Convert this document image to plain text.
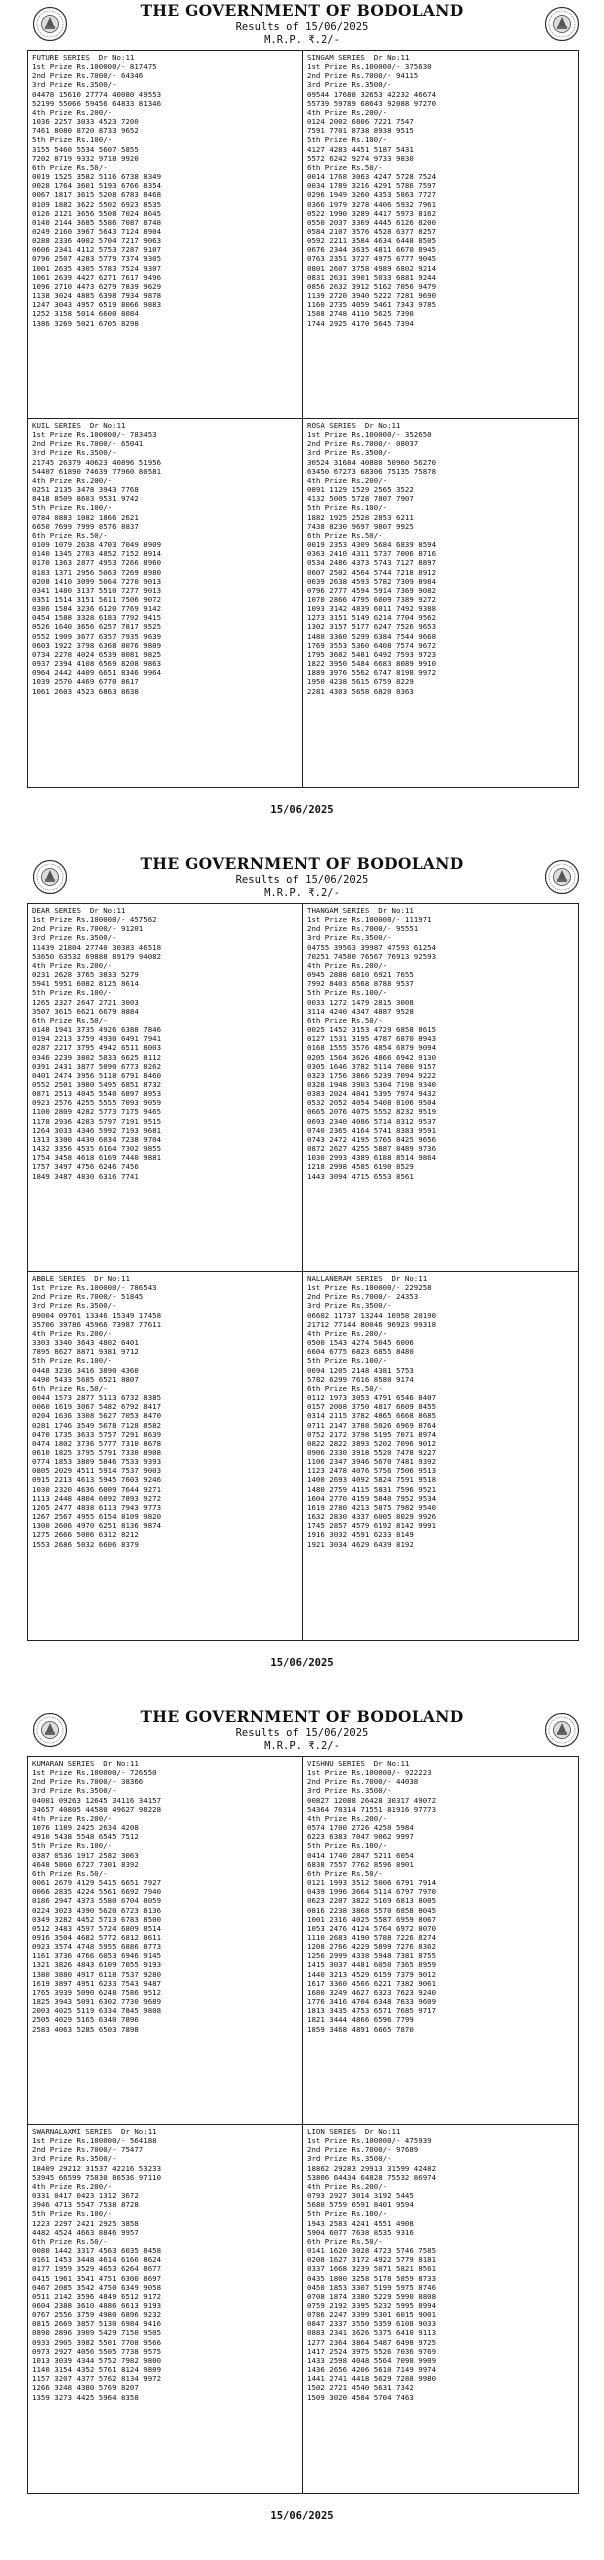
THE GOVERNMENT OF BODOLAND
Results of 15/06/2025
M.R.P. ₹.2/-
FUTURE SERIES  Dr No:11
1st Prize Rs.100000/- 817475
2nd Prize Rs.7000/- 64346
3rd Prize Rs.3500/-
04478 15610 27774 40080 49553
52199 55066 59456 64833 81346
4th Prize Rs.200/-
1036 2257 3033 4523 7200
7461 8080 8720 8733 9652
5th Prize Rs.100/-
3155 5460 5534 5607 5855
7202 8719 9332 9718 9920
6th Prize Rs.50/-
0019 1525 3582 5116 6738 8349
0028 1764 3601 5193 6766 8354
0067 1817 3615 5208 6783 8468
0109 1882 3622 5502 6923 8535
0126 2121 3656 5508 7024 8645
0140 2144 3685 5586 7087 8748
0249 2160 3967 5643 7124 8904
0288 2336 4002 5704 7217 9063
0606 2341 4112 5753 7287 9107
0796 2507 4283 5779 7374 9305
1001 2635 4305 5783 7524 9307
1061 2639 4427 6271 7617 9496
1096 2710 4473 6279 7839 9629
1138 3024 4885 6398 7934 9878
1247 3043 4957 6519 8066 9883
1252 3158 5014 6600 8084
1386 3269 5021 6705 8298
SINGAM SERIES  Dr No:11
1st Prize Rs.100000/- 375630
2nd Prize Rs.7000/- 94115
3rd Prize Rs.3500/-
09544 17688 32653 42232 46674
55739 59789 68643 92088 97270
4th Prize Rs.200/-
0124 2002 6806 7221 7547
7591 7701 8738 8938 9515
5th Prize Rs.100/-
4127 4283 4451 5187 5431
5572 6242 9274 9733 9830
6th Prize Rs.50/-
0014 1768 3063 4247 5728 7524
0034 1789 3216 4291 5786 7597
0296 1949 3260 4353 5863 7727
0366 1979 3278 4406 5932 7961
0522 1990 3289 4417 5973 8162
0550 2037 3369 4445 6126 8200
0584 2107 3576 4528 6377 8257
0592 2211 3584 4634 6448 8505
0676 2344 3635 4811 6670 8945
0763 2351 3727 4975 6777 9045
0801 2607 3758 4989 6802 9214
0831 2631 3901 5033 6881 9244
0856 2632 3912 5162 7056 9479
1139 2720 3940 5222 7281 9690
1160 2735 4059 5461 7343 9785
1588 2748 4110 5625 7390
1744 2925 4170 5645 7394
KUIL SERIES  Dr No:11
1st Prize Rs.100000/- 783453
2nd Prize Rs.7000/- 65041
3rd Prize Rs.3500/-
21745 26379 40623 40896 51956
54407 61890 74639 77960 80581
4th Prize Rs.200/-
0251 2135 3478 3943 7768
8418 8509 8603 9531 9742
5th Prize Rs.100/-
0784 0883 1082 1866 2621
6650 7699 7999 8576 8837
6th Prize Rs.50/-
0109 1079 2638 4703 7049 8909
0140 1345 2783 4852 7152 8914
0170 1363 2877 4953 7266 8960
0183 1371 2956 5063 7269 8980
0208 1410 3099 5064 7270 9013
0341 1480 3137 5510 7277 9013
0351 1514 3151 5611 7506 9072
0386 1584 3236 6120 7769 9142
0454 1588 3328 6183 7792 9415
0526 1640 3656 6257 7817 9525
0552 1909 3677 6357 7935 9639
0603 1922 3798 6368 8076 9809
0734 2278 4024 6539 8081 9825
0937 2394 4108 6569 8208 9863
0964 2442 4409 6651 8346 9964
1039 2570 4469 6770 8617
1061 2603 4523 6863 8638
ROSA SERIES  Dr No:11
1st Prize Rs.100000/- 352650
2nd Prize Rs.7000/- 08037
3rd Prize Rs.3500/-
30524 31684 40880 50960 56270
63450 67273 68306 75135 75878
4th Prize Rs.200/-
0891 1129 1529 2565 3522
4132 5005 5728 7807 7907
5th Prize Rs.100/-
1882 1925 2528 2853 6211
7438 8230 9697 9807 9925
6th Prize Rs.50/-
0019 2353 4309 5684 6839 8594
0363 2410 4311 5737 7006 8716
0534 2486 4373 5743 7127 8897
0607 2502 4564 5744 7218 8912
0639 2638 4593 5782 7309 8984
0796 2777 4594 5914 7369 9082
1070 2866 4795 6009 7389 9272
1093 3142 4839 6011 7492 9388
1273 3151 5149 6214 7704 9562
1302 3157 5177 6247 7526 9653
1480 3360 5299 6384 7544 9668
1769 3553 5360 6408 7574 9672
1795 3682 5481 6492 7593 9723
1822 3950 5484 6683 8089 9910
1889 3976 5562 6747 8198 9972
1950 4238 5615 6759 8229
2281 4303 5658 6820 8363
15/06/2025
THE GOVERNMENT OF BODOLAND
Results of 15/06/2025
M.R.P. ₹.2/-
DEAR SERIES  Dr No:11
1st Prize Rs.100000/- 457562
2nd Prize Rs.7000/- 91201
3rd Prize Rs.3500/-
11439 21804 27740 30383 46518
53650 63532 69888 89179 94082
4th Prize Rs.200/-
0231 2628 3765 3833 5279
5941 5951 6082 8125 8614
5th Prize Rs.100/-
1265 2327 2647 2721 3003
3507 3615 6621 6679 8884
6th Prize Rs.50/-
0148 1941 3735 4926 6388 7846
0194 2213 3759 4930 6491 7941
0287 2217 3795 4942 6511 8003
0346 2239 3802 5033 6625 8112
0391 2431 3877 5090 6773 8262
0401 2474 3956 5118 6791 8460
0552 2501 3980 5495 6851 8732
0871 2513 4045 5540 6897 8953
0923 2576 4255 5555 7093 9059
1100 2809 4282 5773 7175 9465
1178 2936 4283 5797 7191 9515
1264 3033 4346 5992 7193 9681
1313 3300 4430 6034 7238 9704
1432 3356 4535 6164 7302 9855
1754 3458 4618 6169 7440 9881
1757 3497 4756 6246 7456
1849 3487 4830 6316 7741
THANGAM SERIES  Dr No:11
1st Prize Rs.100000/- 111971
2nd Prize Rs.7000/- 95551
3rd Prize Rs.3500/-
04755 39563 39987 47593 61254
70251 74580 76567 76913 92593
4th Prize Rs.200/-
0945 2888 6810 6921 7655
7992 8403 8568 8788 9537
5th Prize Rs.100/-
0033 1272 1479 2815 3008
3114 4240 4347 4887 9528
6th Prize Rs.50/-
0025 1452 3153 4729 6858 8615
0127 1531 3195 4787 6870 8943
0168 1555 3576 4854 6879 9094
0205 1564 3626 4866 6942 9130
0305 1646 3782 5114 7080 9157
0323 1756 3866 5239 7094 9222
0328 1948 3903 5304 7198 9340
0383 2024 4041 5395 7974 9432
0532 2052 4054 5408 8106 9504
0665 2076 4075 5552 8232 9519
0693 2340 4086 5714 8312 9537
0740 2365 4164 5741 8383 9591
0743 2472 4195 5765 8425 9656
0872 2627 4255 5887 8489 9736
1030 2993 4389 6188 8514 9864
1218 2998 4585 6190 8529
1443 3094 4715 6553 8561
ABBLE SERIES  Dr No:11
1st Prize Rs.100000/- 786543
2nd Prize Rs.7000/- 51845
3rd Prize Rs.3500/-
09004 09761 13346 15349 17458
35706 39786 45966 73987 77611
4th Prize Rs.200/-
3303 3340 3643 4802 6401
7895 8627 8871 9381 9712
5th Prize Rs.100/-
0448 3236 3416 3890 4360
4490 5433 5605 6521 8807
6th Prize Rs.50/-
0044 1573 2877 5113 6732 8385
0060 1619 3067 5482 6792 8417
0204 1636 3308 5627 7053 8470
0281 1746 3549 5678 7128 8582
0470 1735 3633 5757 7291 8639
0474 1802 3736 5777 7310 8678
0610 1825 3795 5791 7330 8908
0774 1853 3809 5846 7533 9393
0805 2029 4511 5914 7537 9003
0915 2213 4613 5945 7603 9246
1030 2320 4636 6009 7644 9271
1113 2448 4804 6092 7893 9272
1265 2477 4838 6113 7943 9773
1267 2567 4955 6154 8109 9820
1300 2606 4970 6251 8136 9874
1275 2666 5006 6312 8212
1553 2686 5032 6606 8379
NALLANERAM SERIES  Dr No:11
1st Prize Rs.100000/- 229258
2nd Prize Rs.7000/- 24353
3rd Prize Rs.3500/-
06602 11737 13244 16958 20190
21712 77144 80046 96923 99318
4th Prize Rs.200/-
0500 1543 4274 5045 6006
6604 6775 6823 6855 8480
5th Prize Rs.100/-
0694 1205 2148 4381 5753
5782 6299 7616 8580 9174
6th Prize Rs.50/-
0112 1973 3053 4791 6546 8407
0157 2008 3750 4817 6609 8455
0314 2115 3782 4865 6668 8685
0711 2147 3788 5026 6969 8764
0752 2172 3798 5195 7071 8974
0822 2822 3893 5202 7096 9012
0906 2330 3918 5520 7478 9227
1106 2347 3946 5670 7481 9392
1123 2478 4076 5756 7506 9513
1400 2693 4092 5824 7591 9518
1480 2759 4115 5831 7596 9521
1604 2770 4159 5840 7952 9534
1619 2780 4213 5875 7982 9540
1632 2830 4337 6005 8029 9926
1745 2857 4579 6192 8142 9991
1916 3032 4591 6233 8149
1921 3034 4629 6439 8192
15/06/2025
THE GOVERNMENT OF BODOLAND
Results of 15/06/2025
M.R.P. ₹.2/-
KUMARAN SERIES  Dr No:11
1st Prize Rs.100000/- 726550
2nd Prize Rs.7000/- 38366
3rd Prize Rs.3500/-
04001 09263 12645 34116 34157
34657 40805 44580 49627 98228
4th Prize Rs.200/-
1076 1189 2425 2634 4208
4910 5438 5548 6545 7512
5th Prize Rs.100/-
0387 0536 1917 2582 3063
4648 5860 6727 7301 8392
6th Prize Rs.50/-
0061 2679 4129 5415 6651 7927
0066 2835 4224 5561 6692 7940
0186 2947 4373 5580 6704 8059
0224 3023 4390 5620 6723 8136
0349 3282 4452 5713 6783 8500
0512 3483 4597 5724 6809 8514
0916 3504 4682 5772 6812 8611
0923 3574 4748 5955 6886 8773
1161 3736 4766 6053 6946 9145
1321 3826 4843 6109 7055 9193
1380 3880 4917 6118 7537 9280
1619 3897 4951 6233 7543 9487
1765 3939 5090 6248 7586 9512
1825 3943 5091 6302 7730 9689
2003 4025 5119 6334 7845 9808
2505 4029 5165 6340 7896
2583 4063 5285 6503 7898
VISHNU SERIES  Dr No:11
1st Prize Rs.100000/- 922223
2nd Prize Rs.7000/- 44038
3rd Prize Rs.3500/-
00827 12088 26428 30317 49072
54364 70314 71551 81916 97773
4th Prize Rs.200/-
0574 1700 2726 4250 5984
6223 6383 7047 9062 9997
5th Prize Rs.100/-
0414 1740 2847 5211 6054
6838 7557 7762 8596 8901
6th Prize Rs.50/-
0121 1993 3512 5006 6791 7914
0439 1996 3664 5114 6797 7970
0623 2207 3822 5169 6813 8005
0816 2238 3868 5570 6858 8045
1001 2316 4025 5587 6959 8067
1053 2476 4124 5764 6972 8070
1110 2683 4190 5788 7226 8274
1208 2766 4229 5899 7276 8362
1256 2999 4338 5948 7381 8755
1415 3037 4481 6050 7365 8959
1440 3213 4529 6159 7379 9012
1617 3360 4566 6221 7382 9061
1680 3249 4627 6323 7623 9240
1776 3416 4704 6348 7633 9609
1813 3435 4753 6571 7685 9717
1821 3444 4866 6596 7799
1859 3468 4891 6665 7870
SWARNALAXMI SERIES  Dr No:11
1st Prize Rs.100000/- 564188
2nd Prize Rs.7000/- 75477
3rd Prize Rs.3500/-
18409 29212 31537 42216 53233
53945 66599 75830 86536 97110
4th Prize Rs.200/-
0331 0417 0423 1312 3672
3946 4713 5547 7538 8728
5th Prize Rs.100/-
1223 2297 2421 2925 3858
4482 4524 4663 8846 9957
6th Prize Rs.50/-
0080 1442 3317 4563 6035 8458
0161 1453 3448 4614 6166 8624
0177 1959 3529 4653 6264 8677
0415 1961 3541 4751 6300 8697
0467 2085 3542 4750 6349 9058
0511 2142 3596 4849 6512 9172
0604 2388 3610 4886 6613 9193
0767 2556 3759 4980 6896 9232
0815 2669 3857 5130 6984 9416
0890 2896 3909 5429 7150 9505
0933 2905 3982 5501 7708 9566
0973 2927 4056 5505 7738 9575
1013 3039 4344 5752 7982 9800
1140 3154 4352 5761 8124 9809
1157 3207 4377 5762 8134 9972
1266 3248 4380 5769 8207
1359 3273 4425 5964 8358
LION SERIES  Dr No:11
1st Prize Rs.100000/- 475939
2nd Prize Rs.7000/- 97689
3rd Prize Rs.3500/-
18862 29283 29913 31599 42482
53806 64434 64828 75532 86974
4th Prize Rs.200/-
0793 2927 3014 3192 5445
5680 5759 6591 8401 9594
5th Prize Rs.100/-
1943 2583 4241 4551 4908
5904 6077 7638 8535 9316
6th Prize Rs.50/-
0141 1620 3028 4723 5746 7585
0208 1627 3172 4922 5779 8181
0337 1668 3239 5071 5821 8561
0435 1800 3258 5178 5859 8733
0450 1853 3307 5199 5975 8746
0708 1874 3380 5229 5990 8808
0759 2192 3395 5232 5995 8994
0786 2247 3399 5301 6015 9001
0847 2337 3550 5359 6108 9033
0883 2341 3626 5375 6410 9113
1277 2364 3864 5487 6498 9725
1417 2524 3975 5526 7036 9769
1433 2598 4048 5564 7098 9909
1436 2656 4206 5610 7149 9974
1441 2741 4418 5629 7288 9980
1502 2721 4540 5631 7342
1509 3020 4584 5704 7463
15/06/2025
